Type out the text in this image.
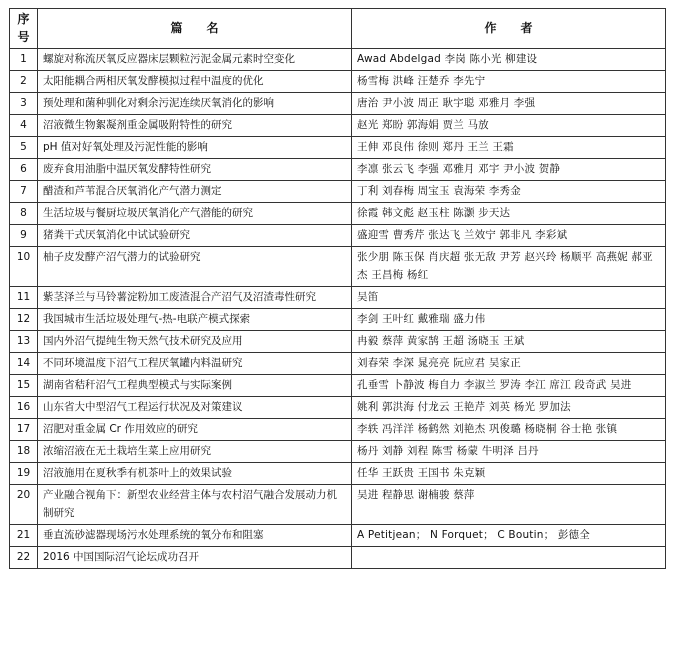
序号	篇　　名	作　　者
1	螺旋对称流厌氧反应器床层颗粒污泥金属元素时空变化	Awad Abdelgad 李岗 陈小光 柳建设
2	太阳能耦合两相厌氧发酵模拟过程中温度的优化	杨雪梅 洪峰 汪楚乔 李先宁
3	预处理和菌种驯化对剩余污泥连续厌氧消化的影响	唐治 尹小波 周正 耿宇聪 邓雅月 李强
4	沼液微生物絮凝剂重金属吸附特性的研究	赵光 郑盼 郭海娟 贾兰 马放
5	pH 值对好氧处理及污泥性能的影响	王伸 邓良伟 徐则 郑丹 王兰 王霜
6	废弃食用油脂中温厌氧发酵特性研究	李凛 张云飞 李强 邓雅月 邓宇 尹小波 贺静
7	醋渣和芦苇混合厌氧消化产气潜力测定	丁利 刘春梅 周宝玉 袁海荣 李秀金
8	生活垃圾与餐厨垃圾厌氧消化产气潜能的研究	徐霞 韩文彪 赵玉柱 陈灏 步天达
9	猪粪干式厌氧消化中试试验研究	盛迎雪 曹秀芹 张达飞 兰效宁 郭非凡 李彩斌
10	柚子皮发酵产沼气潜力的试验研究	张少朋 陈玉保 肖庆超 张无敌 尹芳 赵兴玲 杨顺平 高燕妮 郝亚杰 王昌梅 杨红
11	紫茎泽兰与马铃薯淀粉加工废渣混合产沼气及沼渣毒性研究	吴笛
12	我国城市生活垃圾处理气-热-电联产模式探索	李剑 王叶红 戴雅瑞 盛力伟
13	国内外沼气提纯生物天然气技术研究及应用	冉毅 蔡萍 黄家鹄 王超 汤晓玉 王斌
14	不同环境温度下沼气工程厌氧罐内料温研究	刘春荣 李深 晁亮亮 阮应君 吴家正
15	湖南省秸秆沼气工程典型模式与实际案例	孔垂雪 卜静波 梅自力 李淑兰 罗涛 李江 席江 段奇武 吴进
16	山东省大中型沼气工程运行状况及对策建议	姚利 郭洪海 付龙云 王艳芹 刘英 杨光 罗加法
17	沼肥对重金属 Cr 作用效应的研究	李轶 冯洋洋 杨鹤然 刘艳杰 巩俊璐 杨晓桐 谷士艳 张镇
18	浓缩沼液在无土栽培生菜上应用研究	杨丹 刘静 刘程 陈雪 杨蒙 牛明泽 吕丹
19	沼液施用在夏秋季有机茶叶上的效果试验	任华 王跃贵 王国书 朱克颖
20	产业融合视角下：新型农业经营主体与农村沼气融合发展动力机制研究	吴进 程静思 谢楠骏 蔡萍
21	垂直流砂滤器现场污水处理系统的氧分布和阻塞	A Petitjean； N Forquet； C Boutin； 彭德全
22	2016 中国国际沼气论坛成功召开	
